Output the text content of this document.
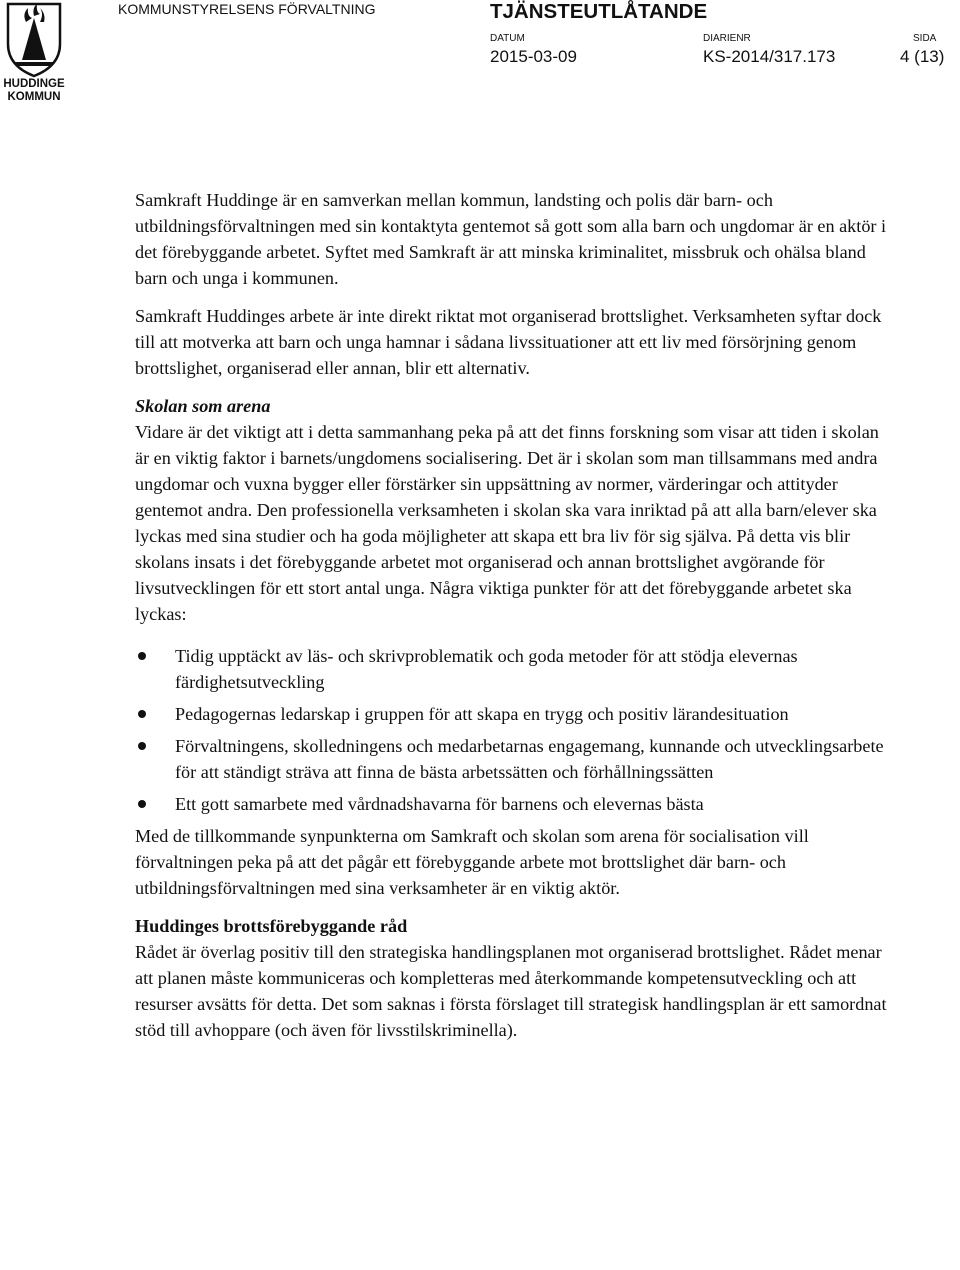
HUDDINGE
KOMMUN
KOMMUNSTYRELSENS FÖRVALTNING	TJÄNSTEUTLÅTANDE
DATUM
2015-03-09
DIARIENR
KS-2014/317.173
SIDA
4 (13)

Samkraft Huddinge är en samverkan mellan kommun, landsting och polis där barn- och utbildningsförvaltningen med sin kontaktyta gentemot så gott som alla barn och ungdomar är en aktör i det förebyggande arbetet. Syftet med Samkraft är att minska kriminalitet, missbruk och ohälsa bland barn och unga i kommunen.

Samkraft Huddinges arbete är inte direkt riktat mot organiserad brottslighet. Verksamheten syftar dock till att motverka att barn och unga hamnar i sådana livssituationer att ett liv med försörjning genom brottslighet, organiserad eller annan, blir ett alternativ.

Skolan som arena

Vidare är det viktigt att i detta sammanhang peka på att det finns forskning som visar att tiden i skolan är en viktig faktor i barnets/ungdomens socialisering. Det är i skolan som man tillsammans med andra ungdomar och vuxna bygger eller förstärker sin uppsättning av normer, värderingar och attityder gentemot andra. Den professionella verksamheten i skolan ska vara inriktad på att alla barn/elever ska lyckas med sina studier och ha goda möjligheter att skapa ett bra liv för sig själva. På detta vis blir skolans insats i det förebyggande arbetet mot organiserad och annan brottslighet avgörande för livsutvecklingen för ett stort antal unga. Några viktiga punkter för att det förebyggande arbetet ska lyckas:

Tidig upptäckt av läs- och skrivproblematik och goda metoder för att stödja elevernas färdighetsutveckling
Pedagogernas ledarskap i gruppen för att skapa en trygg och positiv lärandesituation
Förvaltningens, skolledningens och medarbetarnas engagemang, kunnande och utvecklingsarbete för att ständigt sträva att finna de bästa arbetssätten och förhållningssätten
Ett gott samarbete med vårdnadshavarna för barnens och elevernas bästa

Med de tillkommande synpunkterna om Samkraft och skolan som arena för socialisation vill förvaltningen peka på att det pågår ett förebyggande arbete mot brottslighet där barn- och utbildningsförvaltningen med sina verksamheter är en viktig aktör.

Huddinges brottsförebyggande råd

Rådet är överlag positiv till den strategiska handlingsplanen mot organiserad brottslighet. Rådet menar att planen måste kommuniceras och kompletteras med återkommande kompetensutveckling och att resurser avsätts för detta. Det som saknas i första förslaget till strategisk handlingsplan är ett samordnat stöd till avhoppare (och även för livsstilskriminella).
